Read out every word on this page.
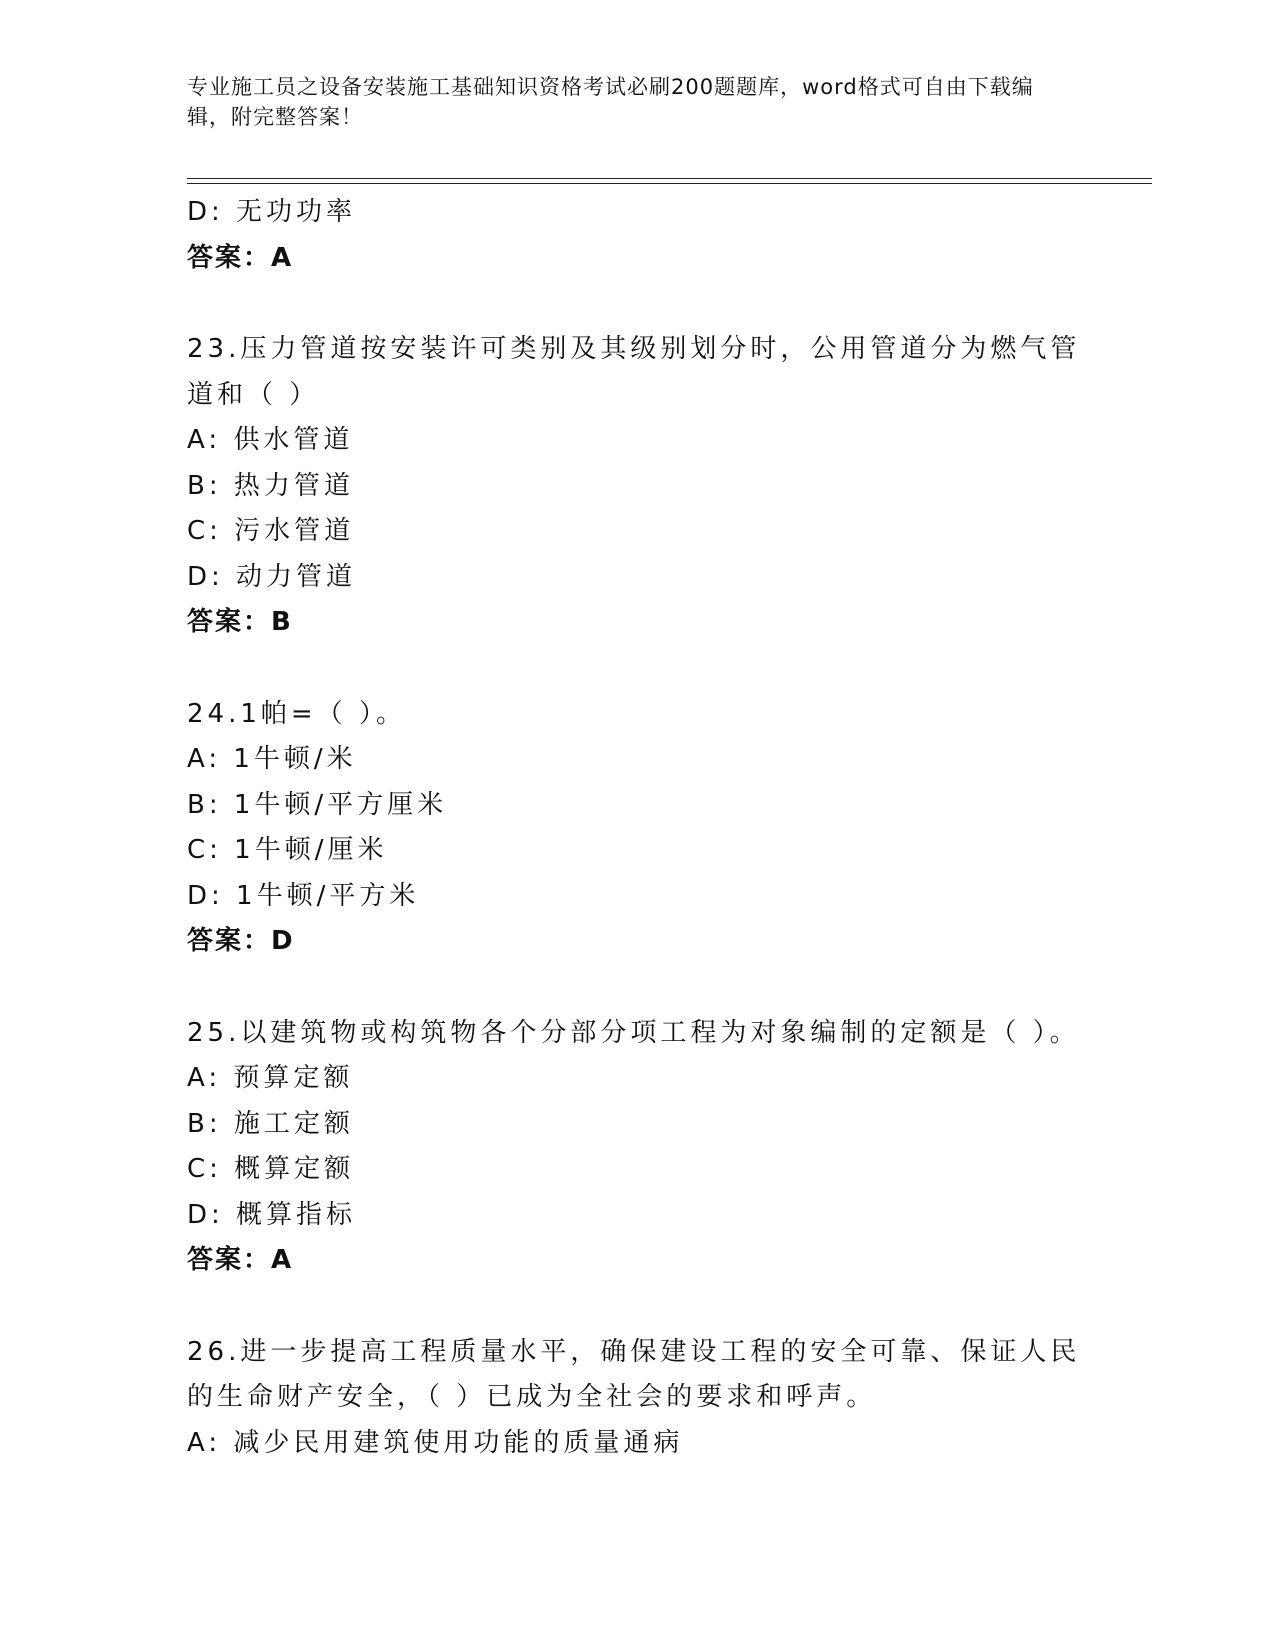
专业施工员之设备安装施工基础知识资格考试必刷200题题库，word格式可自由下载编辑，附完整答案！
D: 无功功率
答案：A
23.压力管道按安装许可类别及其级别划分时，公用管道分为燃气管道和（ ）
A: 供水管道
B: 热力管道
C: 污水管道
D: 动力管道
答案：B
24.1帕=（ ）。
A: 1牛顿/米
B: 1牛顿/平方厘米
C: 1牛顿/厘米
D: 1牛顿/平方米
答案：D
25.以建筑物或构筑物各个分部分项工程为对象编制的定额是（ ）。
A: 预算定额
B: 施工定额
C: 概算定额
D: 概算指标
答案：A
26.进一步提高工程质量水平，确保建设工程的安全可靠、保证人民的生命财产安全，（ ）已成为全社会的要求和呼声。
A: 减少民用建筑使用功能的质量通病
